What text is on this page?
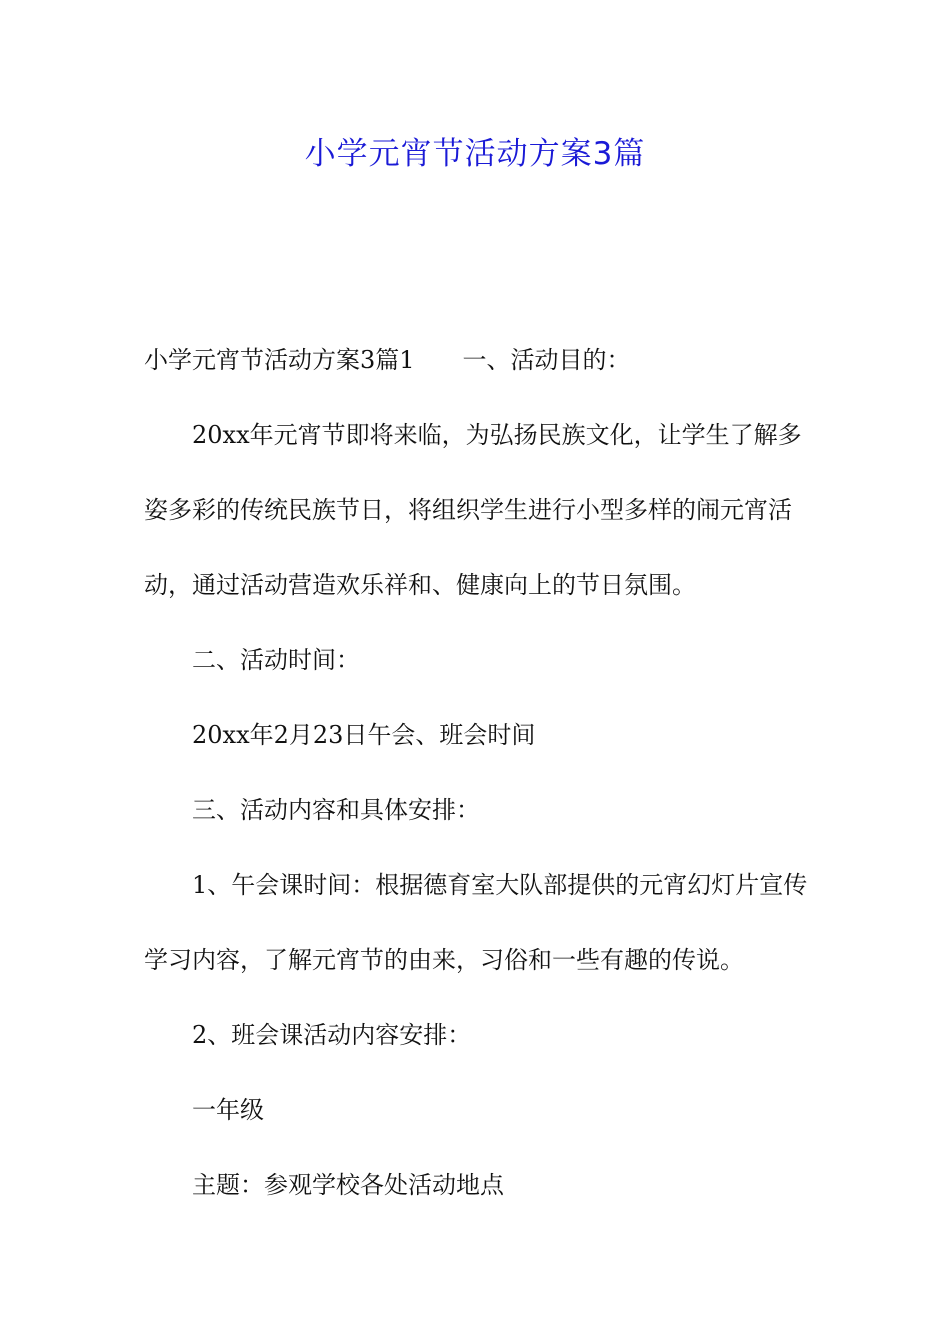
小学元宵节活动方案3篇

小学元宵节活动方案3篇1 一、活动目的：

20xx年元宵节即将来临，为弘扬民族文化，让学生了解多

姿多彩的传统民族节日，将组织学生进行小型多样的闹元宵活

动，通过活动营造欢乐祥和、健康向上的节日氛围。

二、活动时间：

20xx年2月23日午会、班会时间

三、活动内容和具体安排：

1、午会课时间：根据德育室大队部提供的元宵幻灯片宣传

学习内容，了解元宵节的由来，习俗和一些有趣的传说。

2、班会课活动内容安排：

一年级

主题：参观学校各处活动地点
